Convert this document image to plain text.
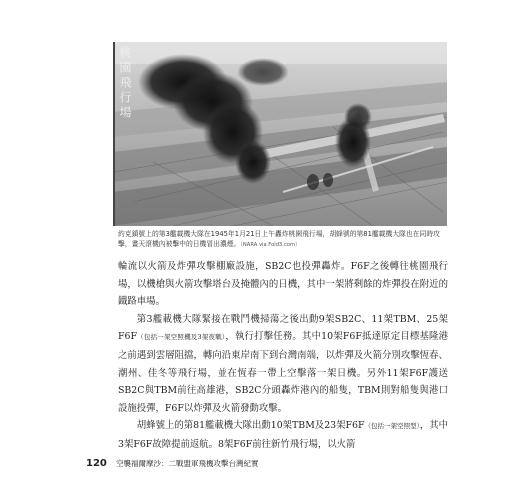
桃園飛行場
約克鎮號上的第3艦載機大隊在1945年1月21日上午轟炸桃園飛行場，胡蜂號的第81艦載機大隊也在同時攻擊，畫天滾機內被擊中的日機冒出濃煙。（NARA via Fold3.com）

輪流以火箭及炸彈攻擊棚廠設施，SB2C也投彈轟炸。F6F之後轉往桃園飛行場，以機槍與火箭攻擊塔台及掩體內的日機，其中一架將剩餘的炸彈投在附近的鐵路車場。

第3艦載機大隊緊接在戰鬥機掃蕩之後出動9架SB2C、11架TBM、25架F6F（包括一架空照機及3架夜戰），執行打擊任務。其中10架F6F抵達原定目標基隆港之前遇到雲層阻擋，轉向沿東岸南下到台灣南端，以炸彈及火箭分別攻擊恆春、潮州、佳冬等飛行場，並在恆春一帶上空擊落一架日機。另外11架F6F護送SB2C與TBM前往高雄港，SB2C分頭轟炸港內的船隻，TBM則對船隻與港口設施投彈，F6F以炸彈及火箭發動攻擊。

胡蜂號上的第81艦載機大隊出動10架TBM及23架F6F（包括一架空照型），其中3架F6F故障提前返航。8架F6F前往新竹飛行場，以火箭

120 空襲福爾摩沙：二戰盟軍飛機攻擊台灣紀實
